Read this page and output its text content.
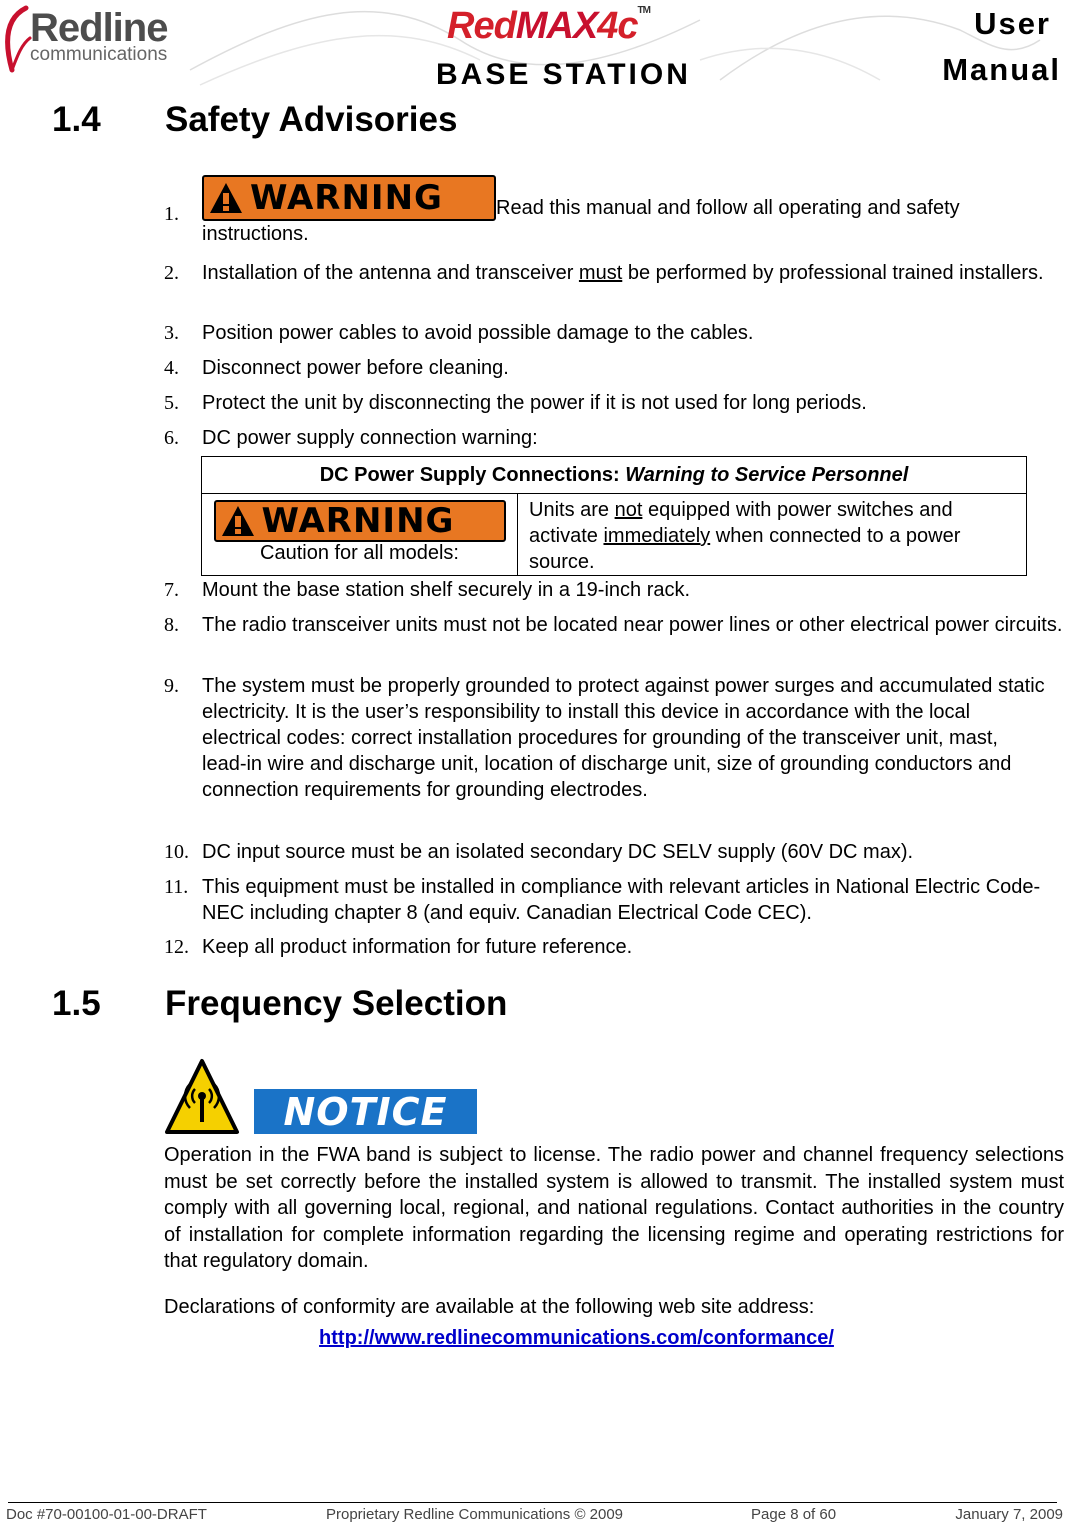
Redline
communications
RedMAX4c™
BASE STATION
User
Manual
1.4 Safety Advisories
1. WARNING	Read this manual and follow all operating and safety instructions.
2. Installation of the antenna and transceiver must be performed by professional trained installers.
3. Position power cables to avoid possible damage to the cables.
4. Disconnect power before cleaning.
5. Protect the unit by disconnecting the power if it is not used for long periods.
6. DC power supply connection warning:
DC Power Supply Connections: Warning to Service Personnel

WARNING
Caution for all models:
	Units are not equipped with power switches and activate immediately when connected to a power source.
7. Mount the base station shelf securely in a 19-inch rack.
8. The radio transceiver units must not be located near power lines or other electrical power circuits.
9. The system must be properly grounded to protect against power surges and accumulated static electricity. It is the user’s responsibility to install this device in accordance with the local electrical codes: correct installation procedures for grounding of the transceiver unit, mast, lead-in wire and discharge unit, location of discharge unit, size of grounding conductors and connection requirements for grounding electrodes.
10. DC input source must be an isolated secondary DC SELV supply (60V DC max).
11. This equipment must be installed in compliance with relevant articles in National Electric Code-NEC including chapter 8 (and equiv. Canadian Electrical Code CEC).
12. Keep all product information for future reference.
1.5 Frequency Selection
NOTICE
Operation in the FWA band is subject to license. The radio power and channel frequency selections must be set correctly before the installed system is allowed to transmit. The installed system must comply with all governing local, regional, and national regulations. Contact authorities in the country of installation for complete information regarding the licensing regime and operating restrictions for that regulatory domain.
Declarations of conformity are available at the following web site address:
http://www.redlinecommunications.com/conformance/
Doc #70-00100-01-00-DRAFT	Proprietary Redline Communications © 2009	Page 8 of 60	January 7, 2009
